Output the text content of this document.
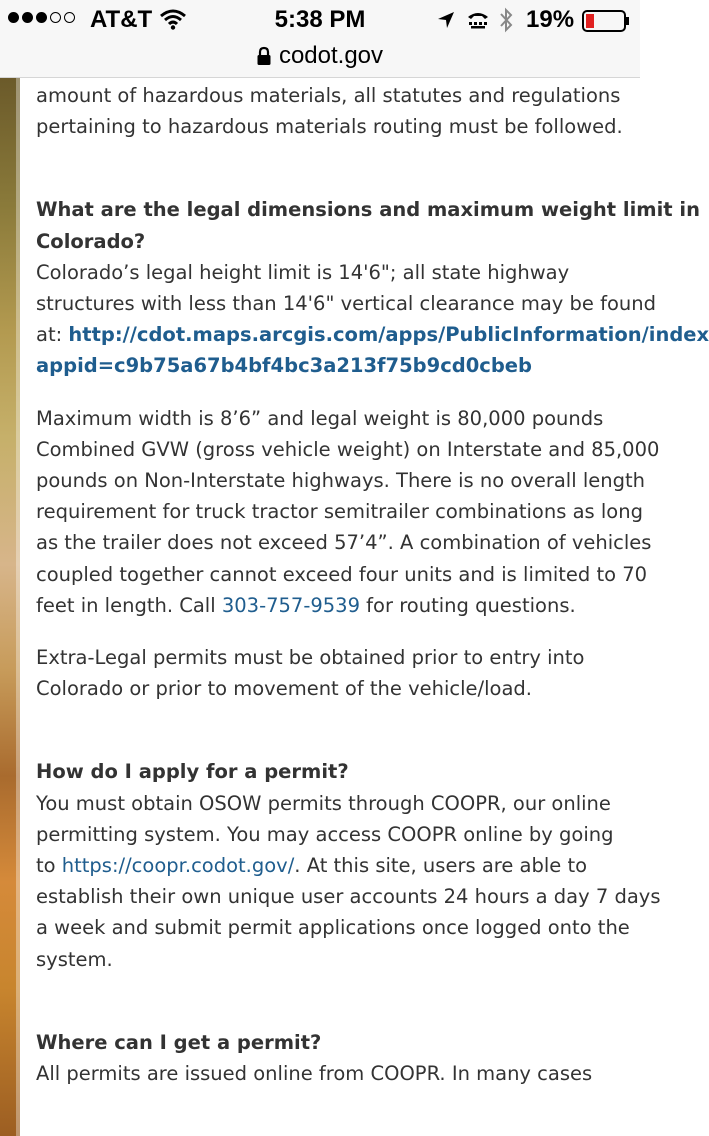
AT&T	5:38 PM	19%
codot.gov

amount of hazardous materials, all statutes and regulations

pertaining to hazardous materials routing must be followed.

What are the legal dimensions and maximum weight limit in

Colorado?

Colorado’s legal height limit is 14'6"; all state highway

structures with less than 14'6" vertical clearance may be found

at: http://cdot.maps.arcgis.com/apps/PublicInformation/index

appid=c9b75a67b4bf4bc3a213f75b9cd0cbeb

Maximum width is 8’6” and legal weight is 80,000 pounds

Combined GVW (gross vehicle weight) on Interstate and 85,000

pounds on Non-Interstate highways. There is no overall length

requirement for truck tractor semitrailer combinations as long

as the trailer does not exceed 57’4”. A combination of vehicles

coupled together cannot exceed four units and is limited to 70

feet in length. Call 303-757-9539 for routing questions.

Extra-Legal permits must be obtained prior to entry into

Colorado or prior to movement of the vehicle/load.

How do I apply for a permit?

You must obtain OSOW permits through COOPR, our online

permitting system. You may access COOPR online by going

to https://coopr.codot.gov/. At this site, users are able to

establish their own unique user accounts 24 hours a day 7 days

a week and submit permit applications once logged onto the

system.

Where can I get a permit?

All permits are issued online from COOPR. In many cases
